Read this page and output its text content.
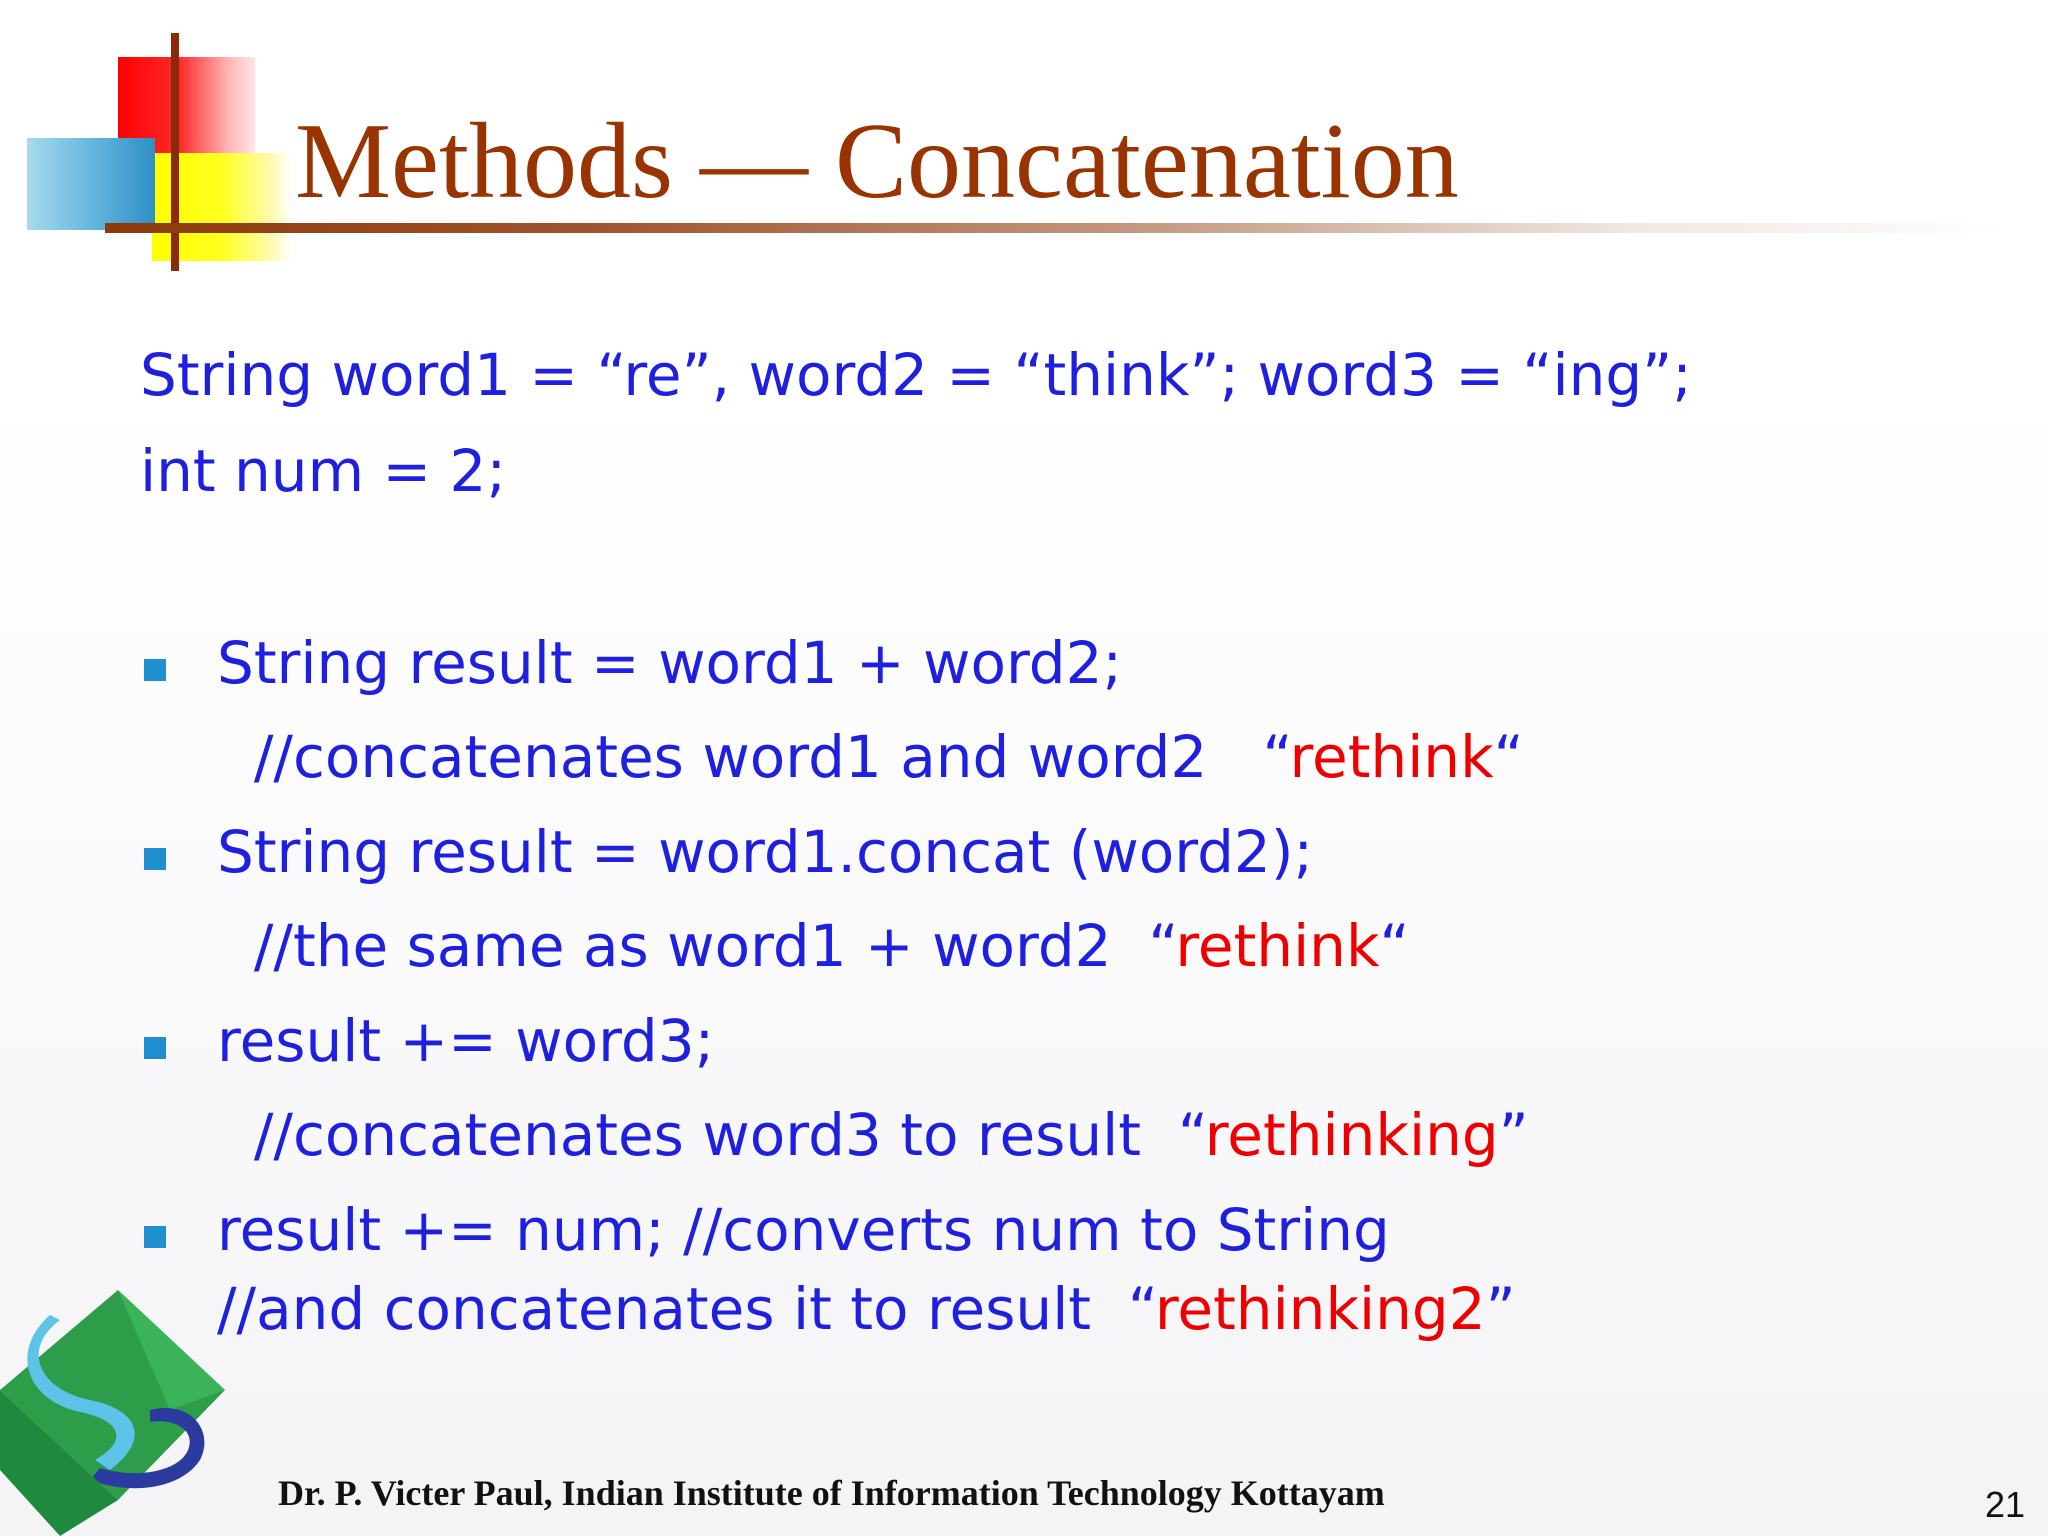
Methods — Concatenation
String word1 = “re”, word2 = “think”; word3 = “ing”;
int num = 2;
String result = word1 + word2;
//concatenates word1 and word2   “rethink“
String result = word1.concat (word2);
//the same as word1 + word2  “rethink“
result += word3;
//concatenates word3 to result  “rethinking”
result += num; //converts num to String
//and concatenates it to result  “rethinking2”
Dr. P. Victer Paul, Indian Institute of Information Technology Kottayam	21
